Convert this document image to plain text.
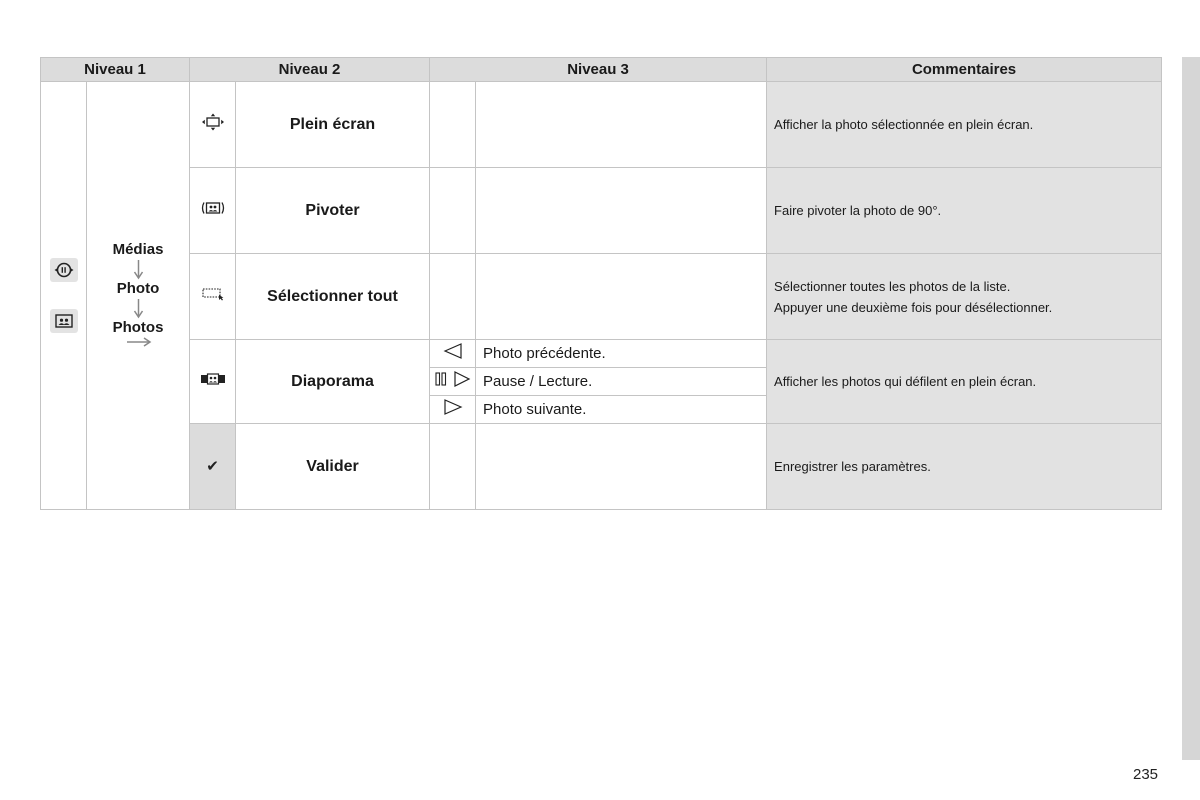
Niveau 1		Niveau 2		Niveau 3		Commentaires

Médias
Photo
Photos		Plein écran			Afficher la photo sélectionnée en plein écran.

	Pivoter			Faire pivoter la photo de 90°.

	Sélectionner tout			Sélectionner toutes les photos de la liste.
Appuyer une deuxième fois pour désélectionner.

	Diaporama		Photo précédente.	Afficher les photos qui défilent en plein écran.

	Pause / Lecture.	
	Photo suivante.	
		✔	Valider			Enregistrer les paramètres.
235
